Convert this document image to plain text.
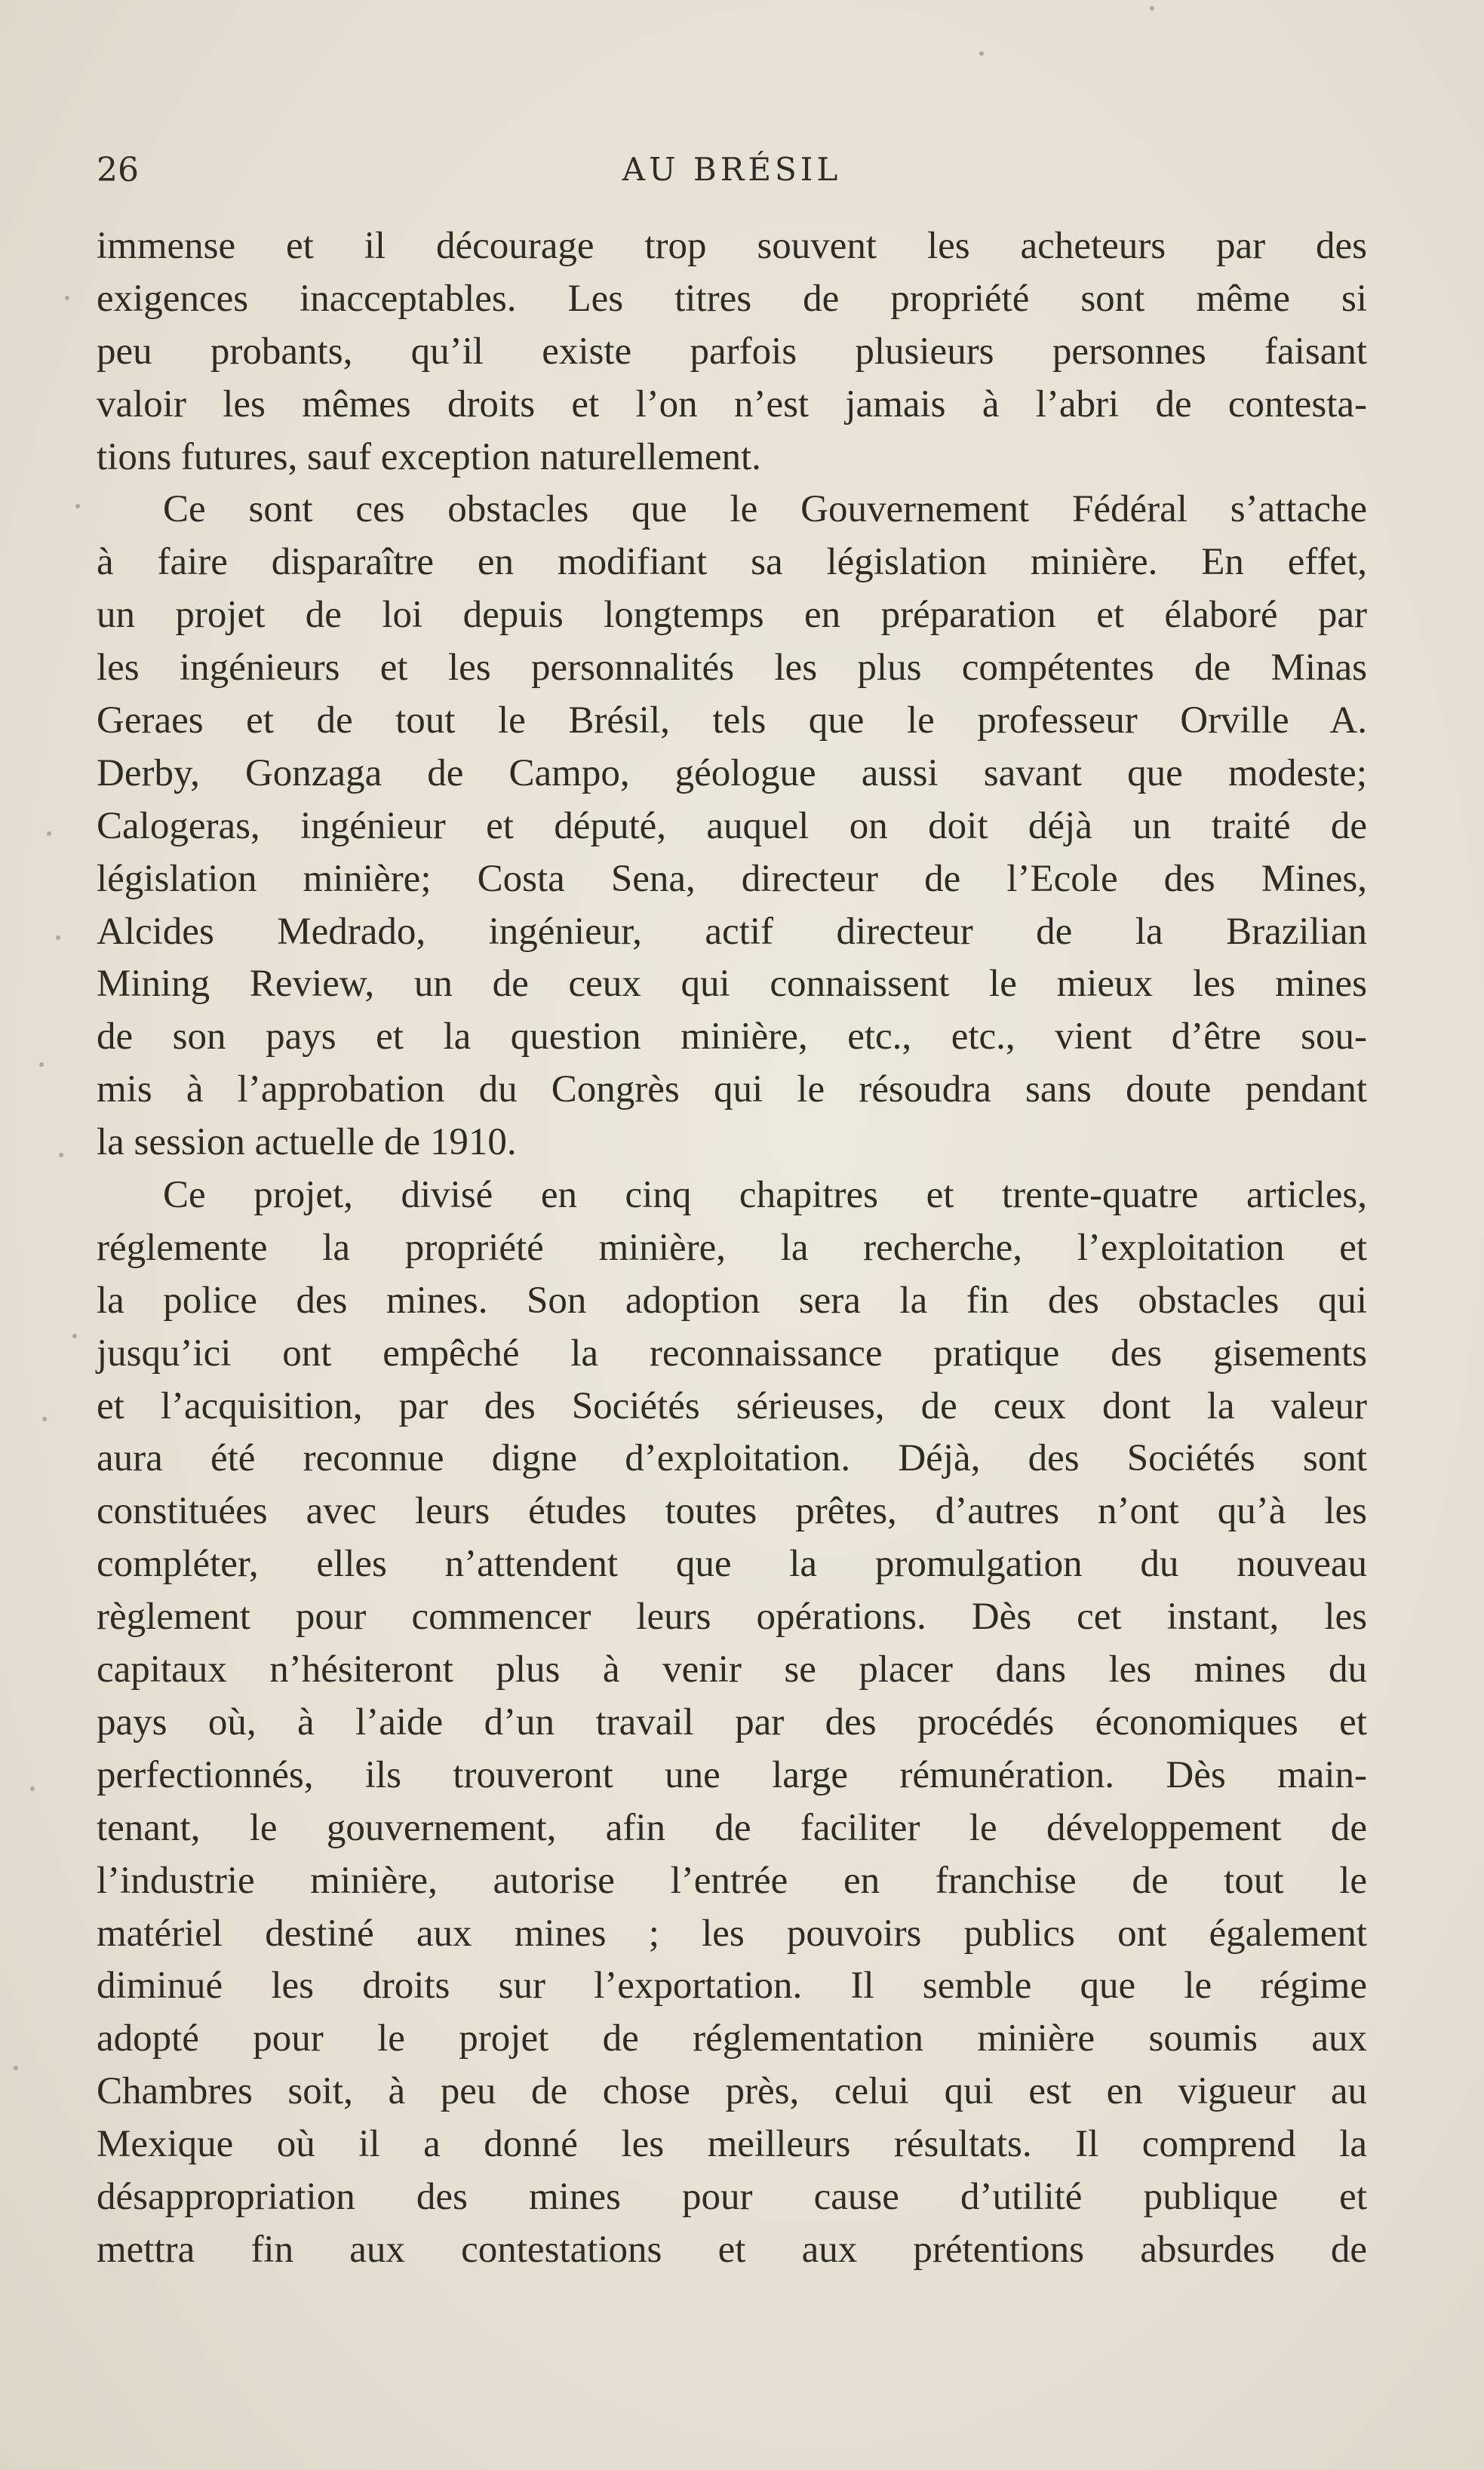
26	AU BRÉSIL
immense et il décourage trop souvent les acheteurs par des
exigences inacceptables. Les titres de propriété sont même si
peu probants, qu’il existe parfois plusieurs personnes faisant
valoir les mêmes droits et l’on n’est jamais à l’abri de contesta-
tions futures, sauf exception naturellement.
Ce sont ces obstacles que le Gouvernement Fédéral s’attache
à faire disparaître en modifiant sa législation minière. En effet,
un projet de loi depuis longtemps en préparation et élaboré par
les ingénieurs et les personnalités les plus compétentes de Minas
Geraes et de tout le Brésil, tels que le professeur Orville A.
Derby, Gonzaga de Campo, géologue aussi savant que modeste;
Calogeras, ingénieur et député, auquel on doit déjà un traité de
législation minière; Costa Sena, directeur de l’Ecole des Mines,
Alcides Medrado, ingénieur, actif directeur de la Brazilian
Mining Review, un de ceux qui connaissent le mieux les mines
de son pays et la question minière, etc., etc., vient d’être sou-
mis à l’approbation du Congrès qui le résoudra sans doute pendant
la session actuelle de 1910.
Ce projet, divisé en cinq chapitres et trente-quatre articles,
réglemente la propriété minière, la recherche, l’exploitation et
la police des mines. Son adoption sera la fin des obstacles qui
jusqu’ici ont empêché la reconnaissance pratique des gisements
et l’acquisition, par des Sociétés sérieuses, de ceux dont la valeur
aura été reconnue digne d’exploitation. Déjà, des Sociétés sont
constituées avec leurs études toutes prêtes, d’autres n’ont qu’à les
compléter, elles n’attendent que la promulgation du nouveau
règlement pour commencer leurs opérations. Dès cet instant, les
capitaux n’hésiteront plus à venir se placer dans les mines du
pays où, à l’aide d’un travail par des procédés économiques et
perfectionnés, ils trouveront une large rémunération. Dès main-
tenant, le gouvernement, afin de faciliter le développement de
l’industrie minière, autorise l’entrée en franchise de tout le
matériel destiné aux mines ; les pouvoirs publics ont également
diminué les droits sur l’exportation. Il semble que le régime
adopté pour le projet de réglementation minière soumis aux
Chambres soit, à peu de chose près, celui qui est en vigueur au
Mexique où il a donné les meilleurs résultats. Il comprend la
désappropriation des mines pour cause d’utilité publique et
mettra fin aux contestations et aux prétentions absurdes de
